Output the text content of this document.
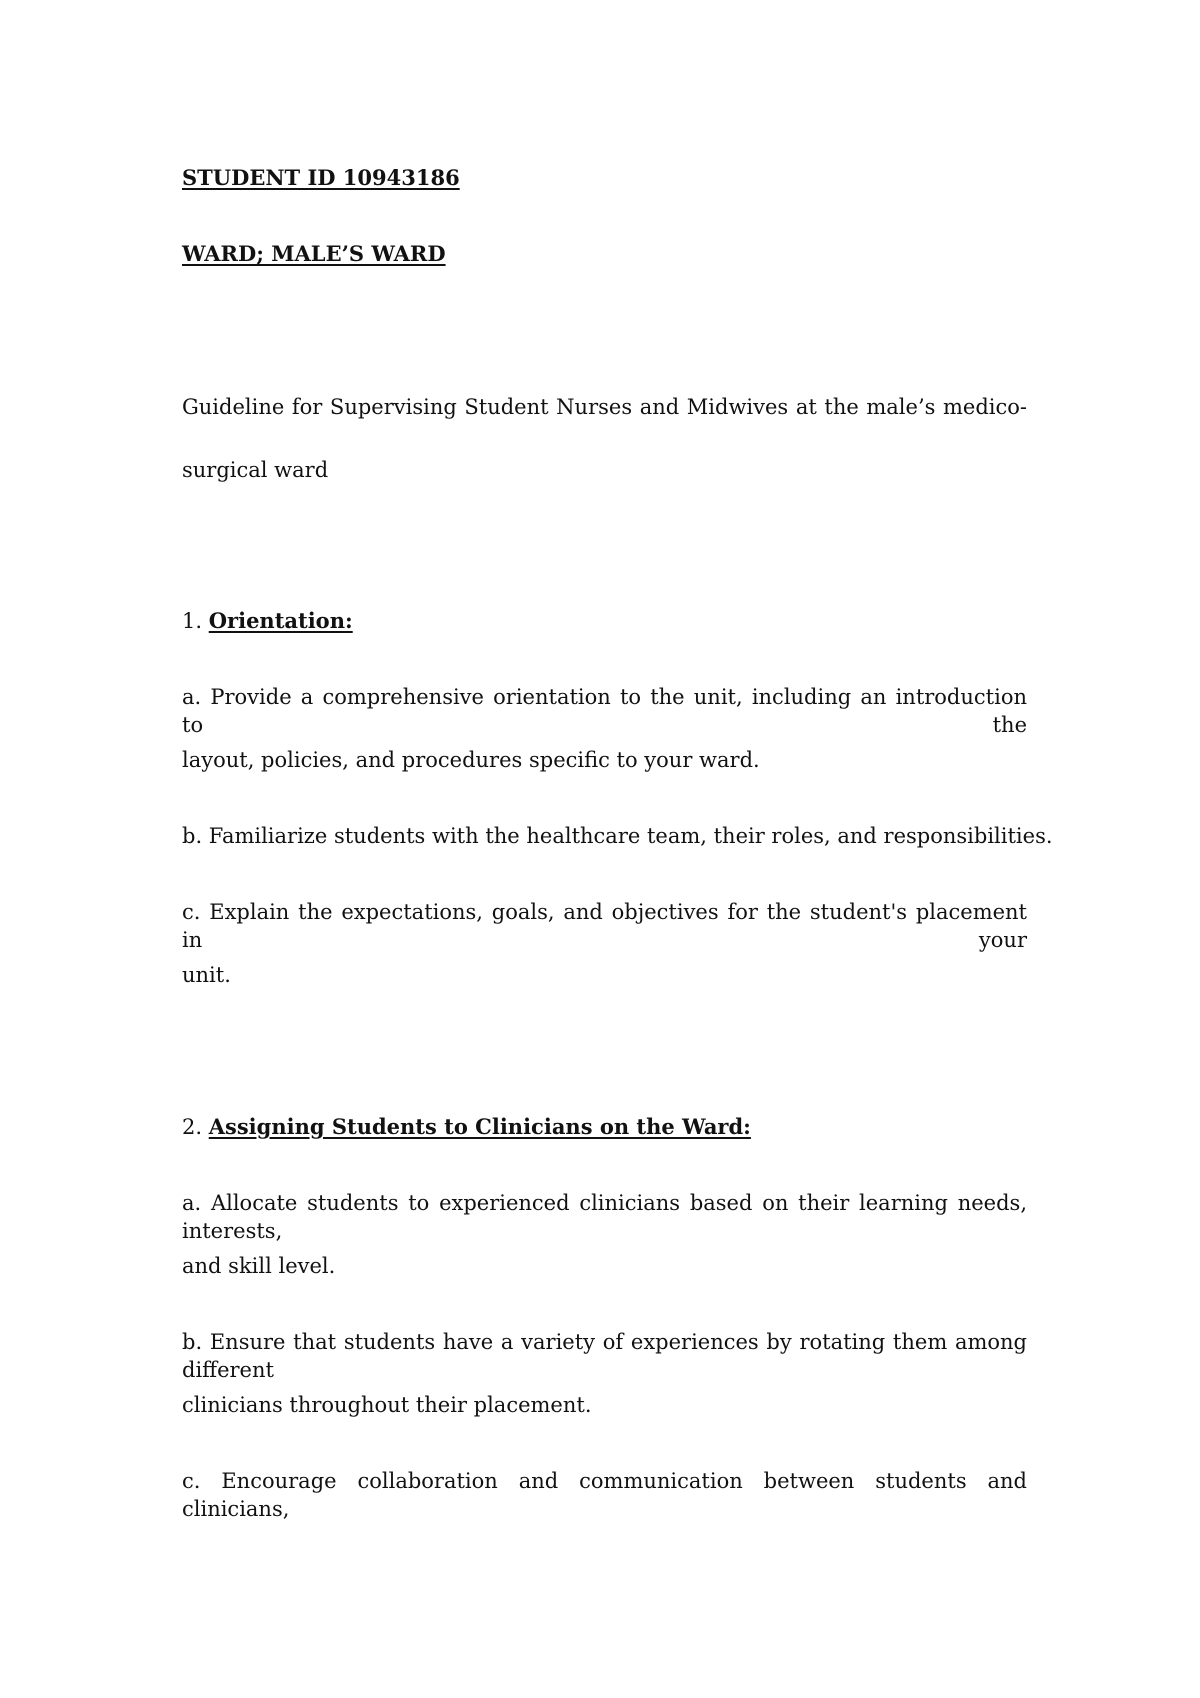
STUDENT ID 10943186

WARD; MALE’S WARD

Guideline for Supervising Student Nurses and Midwives at the male’s medico-

surgical ward

1. Orientation:

a. Provide a comprehensive orientation to the unit, including an introduction to the

layout, policies, and procedures specific to your ward.

b. Familiarize students with the healthcare team, their roles, and responsibilities.

c. Explain the expectations, goals, and objectives for the student's placement in your

unit.

2. Assigning Students to Clinicians on the Ward:

a. Allocate students to experienced clinicians based on their learning needs, interests,

and skill level.

b. Ensure that students have a variety of experiences by rotating them among different

clinicians throughout their placement.

c. Encourage collaboration and communication between students and clinicians,
